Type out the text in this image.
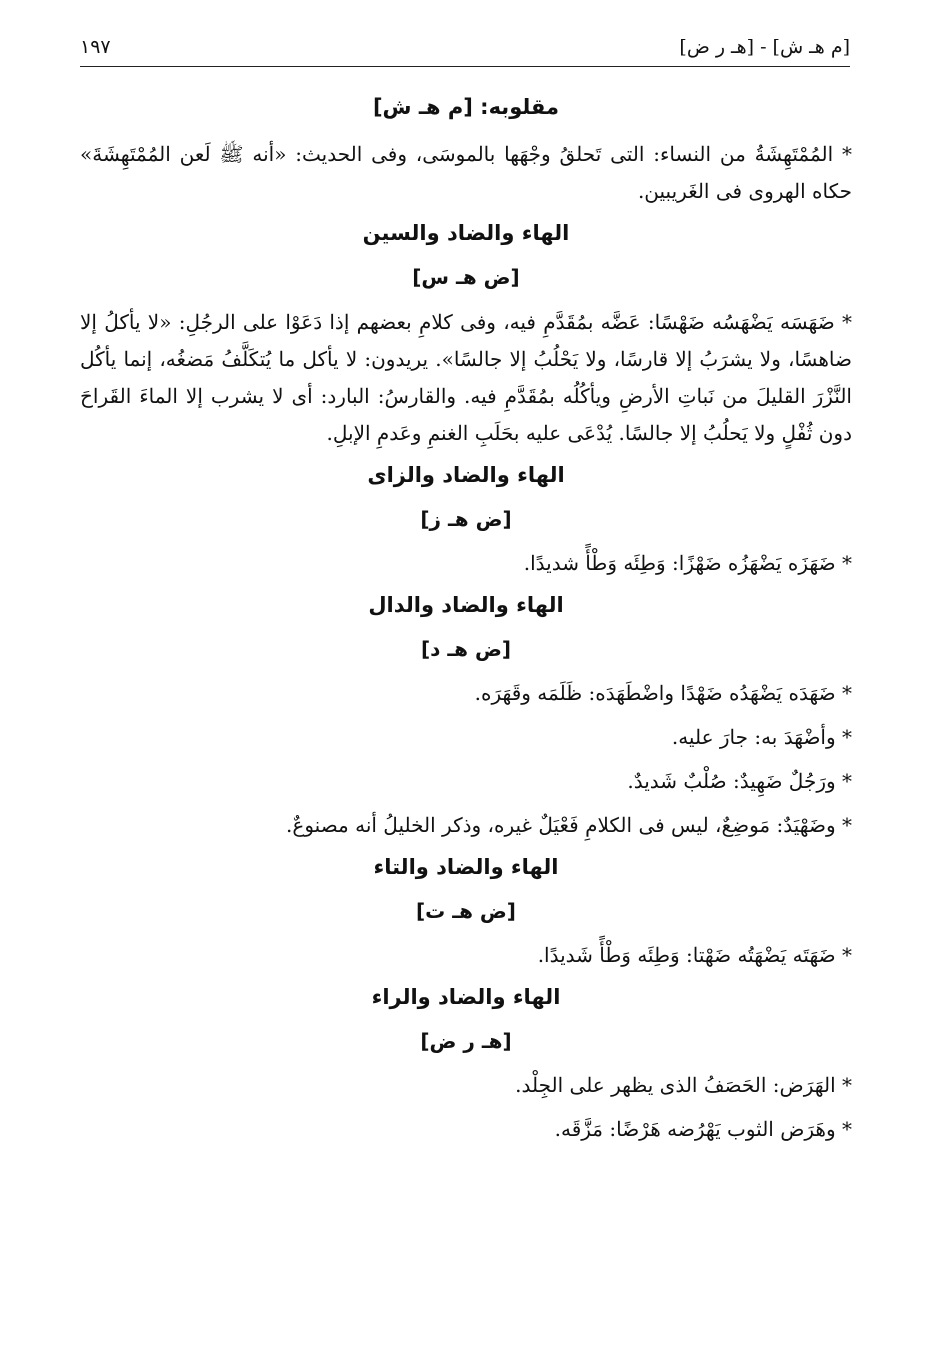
[م هـ ش] - [هـ ر ض]
١٩٧
مقلوبه: [م هـ ش]

* المُمْتَهِشَةُ من النساء: التى تَحلقُ وجْهَها بالموسَى، وفى الحديث: «أنه ﷺ لَعن المُمْتَهِشَةَ» حكاه الهروى فى الغَريبين.

الهاء والضاد والسين
[ض هـ س]

* ضَهَسَه يَضْهَسُه ضَهْسًا: عَضَّه بمُقَدَّمِ فيه، وفى كلامِ بعضهم إذا دَعَوْا على الرجُلِ: «لا يأكلُ إلا ضاهسًا، ولا يشرَبُ إلا قارسًا، ولا يَحْلُبُ إلا جالسًا». يريدون: لا يأكل ما يُتكَلَّفُ مَضغُه، إنما يأكُل النَّزْرَ القليلَ من نَباتِ الأرضِ ويأكُلُه بمُقَدَّمِ فيه. والقارسُ: البارد: أى لا يشرب إلا الماءَ القَراحَ دون ثُفْلٍ ولا يَحلُبُ إلا جالسًا. يُدْعَى عليه بحَلَبِ الغنمِ وعَدمِ الإبلِ.

الهاء والضاد والزاى
[ض هـ ز]

* ضَهَزَه يَضْهَزُه ضَهْزًا: وَطِئَه وَطْأً شديدًا.

الهاء والضاد والدال
[ض هـ د]

* ضَهَدَه يَضْهَدُه ضَهْدًا واضْطَهَدَه: ظَلَمَه وقَهَرَه.

* وأضْهَدَ به: جارَ عليه.

* ورَجُلٌ ضَهِيدٌ: صُلْبٌ شَديدٌ.

* وضَهْيَدٌ: مَوضِعٌ، ليس فى الكلامِ فَعْيَلٌ غيره، وذكر الخليلُ أنه مصنوعٌ.

الهاء والضاد والتاء
[ض هـ ت]

* ضَهَتَه يَضْهَتُه ضَهْتا: وَطِئَه وَطْأً شَديدًا.

الهاء والضاد والراء
[هـ ر ض]

* الهَرَض: الحَصَفُ الذى يظهر على الجِلْد.

* وهَرَض الثوب يَهْرُضه هَرْضًا: مَزَّقَه.
